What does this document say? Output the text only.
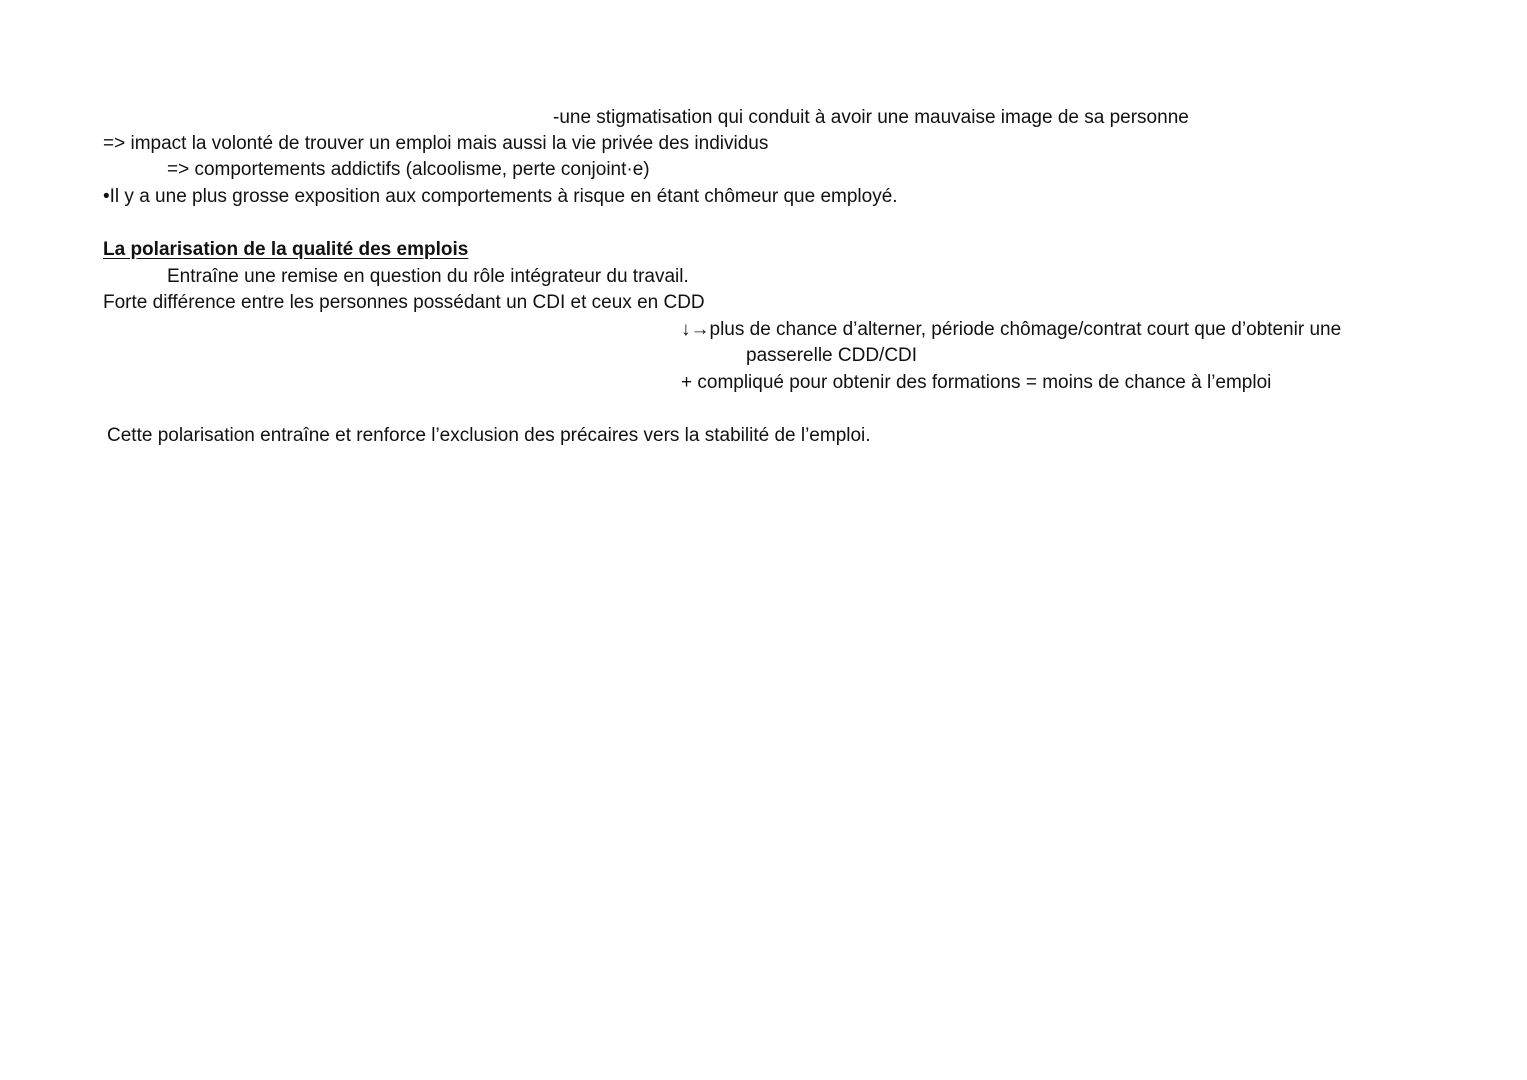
-une stigmatisation qui conduit à avoir une mauvaise image de sa personne
=> impact la volonté de trouver un emploi mais aussi la vie privée des individus
=> comportements addictifs (alcoolisme, perte conjoint·e)
•Il y a une plus grosse exposition aux comportements à risque en étant chômeur que employé.
La polarisation de la qualité des emplois
Entraîne une remise en question du rôle intégrateur du travail.
Forte différence entre les personnes possédant un CDI et ceux en CDD
↓→plus de chance d’alterner, période chômage/contrat court que d’obtenir une
passerelle CDD/CDI
+ compliqué pour obtenir des formations = moins de chance à l’emploi
Cette polarisation entraîne et renforce l’exclusion des précaires vers la stabilité de l’emploi.
